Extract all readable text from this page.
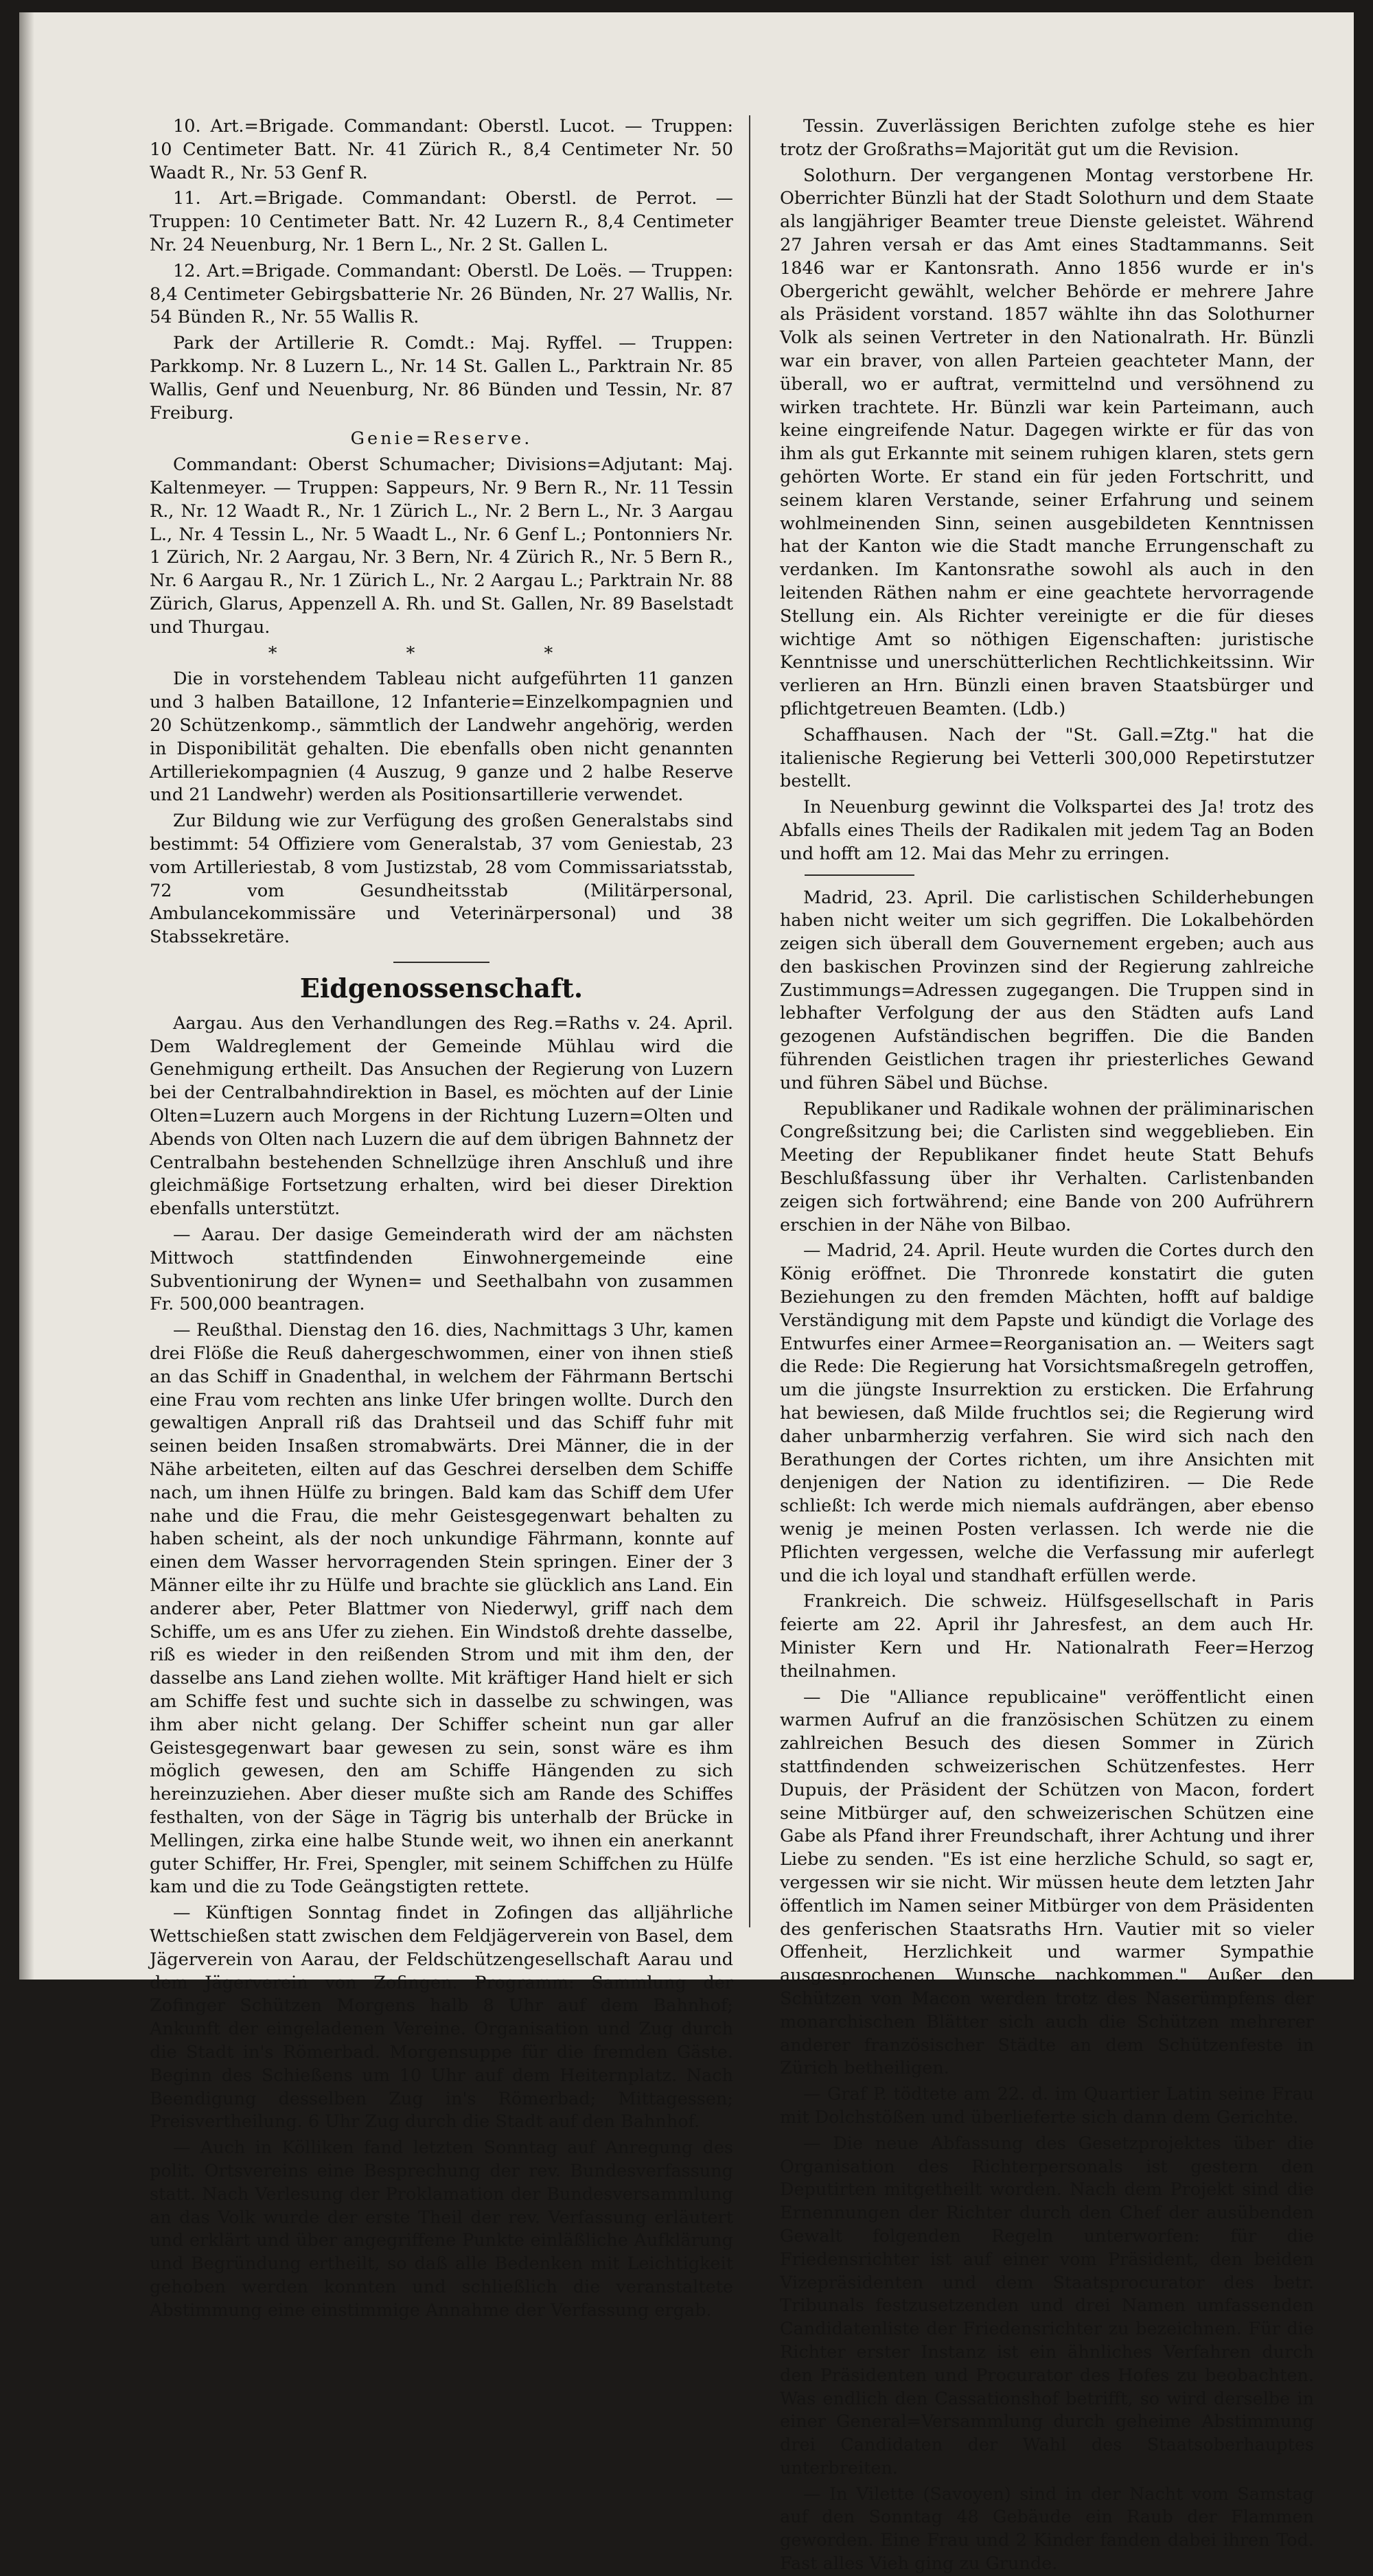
10. Art.=Brigade. Commandant: Oberstl. Lucot. — Truppen: 10 Centimeter Batt. Nr. 41 Zürich R., 8,4 Centimeter Nr. 50 Waadt R., Nr. 53 Genf R.

11. Art.=Brigade. Commandant: Oberstl. de Perrot. — Truppen: 10 Centimeter Batt. Nr. 42 Luzern R., 8,4 Centimeter Nr. 24 Neuenburg, Nr. 1 Bern L., Nr. 2 St. Gallen L.

12. Art.=Brigade. Commandant: Oberstl. De Loës. — Truppen: 8,4 Centimeter Gebirgsbatterie Nr. 26 Bünden, Nr. 27 Wallis, Nr. 54 Bünden R., Nr. 55 Wallis R.

Park der Artillerie R. Comdt.: Maj. Ryffel. — Truppen: Parkkomp. Nr. 8 Luzern L., Nr. 14 St. Gallen L., Parktrain Nr. 85 Wallis, Genf und Neuenburg, Nr. 86 Bünden und Tessin, Nr. 87 Freiburg.

Genie=Reserve.

Commandant: Oberst Schumacher; Divisions=Adjutant: Maj. Kaltenmeyer. — Truppen: Sappeurs, Nr. 9 Bern R., Nr. 11 Tessin R., Nr. 12 Waadt R., Nr. 1 Zürich L., Nr. 2 Bern L., Nr. 3 Aargau L., Nr. 4 Tessin L., Nr. 5 Waadt L., Nr. 6 Genf L.; Pontonniers Nr. 1 Zürich, Nr. 2 Aargau, Nr. 3 Bern, Nr. 4 Zürich R., Nr. 5 Bern R., Nr. 6 Aargau R., Nr. 1 Zürich L., Nr. 2 Aargau L.; Parktrain Nr. 88 Zürich, Glarus, Appenzell A. Rh. und St. Gallen, Nr. 89 Baselstadt und Thurgau.

* * *

Die in vorstehendem Tableau nicht aufgeführten 11 ganzen und 3 halben Bataillone, 12 Infanterie=Einzelkompagnien und 20 Schützenkomp., sämmtlich der Landwehr angehörig, werden in Disponibilität gehalten. Die ebenfalls oben nicht genannten Artilleriekompagnien (4 Auszug, 9 ganze und 2 halbe Reserve und 21 Landwehr) werden als Positionsartillerie verwendet.

Zur Bildung wie zur Verfügung des großen Generalstabs sind bestimmt: 54 Offiziere vom Generalstab, 37 vom Geniestab, 23 vom Artilleriestab, 8 vom Justizstab, 28 vom Commissariatsstab, 72 vom Gesundheitsstab (Militärpersonal, Ambulancekommissäre und Veterinärpersonal) und 38 Stabssekretäre.

Eidgenossenschaft.

Aargau. Aus den Verhandlungen des Reg.=Raths v. 24. April. Dem Waldreglement der Gemeinde Mühlau wird die Genehmigung ertheilt. Das Ansuchen der Regierung von Luzern bei der Centralbahndirektion in Basel, es möchten auf der Linie Olten=Luzern auch Morgens in der Richtung Luzern=Olten und Abends von Olten nach Luzern die auf dem übrigen Bahnnetz der Centralbahn bestehenden Schnellzüge ihren Anschluß und ihre gleichmäßige Fortsetzung erhalten, wird bei dieser Direktion ebenfalls unterstützt.

— Aarau. Der dasige Gemeinderath wird der am nächsten Mittwoch stattfindenden Einwohnergemeinde eine Subventionirung der Wynen= und Seethalbahn von zusammen Fr. 500,000 beantragen.

— Reußthal. Dienstag den 16. dies, Nachmittags 3 Uhr, kamen drei Flöße die Reuß dahergeschwommen, einer von ihnen stieß an das Schiff in Gnadenthal, in welchem der Fährmann Bertschi eine Frau vom rechten ans linke Ufer bringen wollte. Durch den gewaltigen Anprall riß das Drahtseil und das Schiff fuhr mit seinen beiden Insaßen stromabwärts. Drei Männer, die in der Nähe arbeiteten, eilten auf das Geschrei derselben dem Schiffe nach, um ihnen Hülfe zu bringen. Bald kam das Schiff dem Ufer nahe und die Frau, die mehr Geistesgegenwart behalten zu haben scheint, als der noch unkundige Fährmann, konnte auf einen dem Wasser hervorragenden Stein springen. Einer der 3 Männer eilte ihr zu Hülfe und brachte sie glücklich ans Land. Ein anderer aber, Peter Blattmer von Niederwyl, griff nach dem Schiffe, um es ans Ufer zu ziehen. Ein Windstoß drehte dasselbe, riß es wieder in den reißenden Strom und mit ihm den, der dasselbe ans Land ziehen wollte. Mit kräftiger Hand hielt er sich am Schiffe fest und suchte sich in dasselbe zu schwingen, was ihm aber nicht gelang. Der Schiffer scheint nun gar aller Geistesgegenwart baar gewesen zu sein, sonst wäre es ihm möglich gewesen, den am Schiffe Hängenden zu sich hereinzuziehen. Aber dieser mußte sich am Rande des Schiffes festhalten, von der Säge in Tägrig bis unterhalb der Brücke in Mellingen, zirka eine halbe Stunde weit, wo ihnen ein anerkannt guter Schiffer, Hr. Frei, Spengler, mit seinem Schiffchen zu Hülfe kam und die zu Tode Geängstigten rettete.

— Künftigen Sonntag findet in Zofingen das alljährliche Wettschießen statt zwischen dem Feldjägerverein von Basel, dem Jägerverein von Aarau, der Feldschützengesellschaft Aarau und dem Jägerverein von Zofingen. Programm: Sammlung der Zofinger Schützen Morgens halb 8 Uhr auf dem Bahnhof; Ankunft der eingeladenen Vereine. Organisation und Zug durch die Stadt in's Römerbad. Morgensuppe für die fremden Gäste. Beginn des Schießens um 10 Uhr auf dem Heiternplatz. Nach Beendigung desselben Zug in's Römerbad; Mittagessen; Preisvertheilung. 6 Uhr Zug durch die Stadt auf den Bahnhof.

— Auch in Kölliken fand letzten Sonntag auf Anregung des polit. Ortsvereins eine Besprechung der rev. Bundesverfassung statt. Nach Verlesung der Proklamation der Bundesversammlung an das Volk wurde der erste Theil der rev. Verfassung erläutert und erklärt und über angegriffene Punkte einläßliche Aufklärung und Begründung ertheilt, so daß alle Bedenken mit Leichtigkeit gehoben werden konnten und schließlich die veranstaltete Abstimmung eine einstimmige Annahme der Verfassung ergab.

Tessin. Zuverlässigen Berichten zufolge stehe es hier trotz der Großraths=Majorität gut um die Revision.

Solothurn. Der vergangenen Montag verstorbene Hr. Oberrichter Bünzli hat der Stadt Solothurn und dem Staate als langjähriger Beamter treue Dienste geleistet. Während 27 Jahren versah er das Amt eines Stadtammanns. Seit 1846 war er Kantonsrath. Anno 1856 wurde er in's Obergericht gewählt, welcher Behörde er mehrere Jahre als Präsident vorstand. 1857 wählte ihn das Solothurner Volk als seinen Vertreter in den Nationalrath. Hr. Bünzli war ein braver, von allen Parteien geachteter Mann, der überall, wo er auftrat, vermittelnd und versöhnend zu wirken trachtete. Hr. Bünzli war kein Parteimann, auch keine eingreifende Natur. Dagegen wirkte er für das von ihm als gut Erkannte mit seinem ruhigen klaren, stets gern gehörten Worte. Er stand ein für jeden Fortschritt, und seinem klaren Verstande, seiner Erfahrung und seinem wohlmeinenden Sinn, seinen ausgebildeten Kenntnissen hat der Kanton wie die Stadt manche Errungenschaft zu verdanken. Im Kantonsrathe sowohl als auch in den leitenden Räthen nahm er eine geachtete hervorragende Stellung ein. Als Richter vereinigte er die für dieses wichtige Amt so nöthigen Eigenschaften: juristische Kenntnisse und unerschütterlichen Rechtlichkeitssinn. Wir verlieren an Hrn. Bünzli einen braven Staatsbürger und pflichtgetreuen Beamten. (Ldb.)

Schaffhausen. Nach der "St. Gall.=Ztg." hat die italienische Regierung bei Vetterli 300,000 Repetirstutzer bestellt.

In Neuenburg gewinnt die Volkspartei des Ja! trotz des Abfalls eines Theils der Radikalen mit jedem Tag an Boden und hofft am 12. Mai das Mehr zu erringen.

Madrid, 23. April. Die carlistischen Schilderhebungen haben nicht weiter um sich gegriffen. Die Lokalbehörden zeigen sich überall dem Gouvernement ergeben; auch aus den baskischen Provinzen sind der Regierung zahlreiche Zustimmungs=Adressen zugegangen. Die Truppen sind in lebhafter Verfolgung der aus den Städten aufs Land gezogenen Aufständischen begriffen. Die die Banden führenden Geistlichen tragen ihr priesterliches Gewand und führen Säbel und Büchse.

Republikaner und Radikale wohnen der präliminarischen Congreßsitzung bei; die Carlisten sind weggeblieben. Ein Meeting der Republikaner findet heute Statt Behufs Beschlußfassung über ihr Verhalten. Carlistenbanden zeigen sich fortwährend; eine Bande von 200 Aufrührern erschien in der Nähe von Bilbao.

— Madrid, 24. April. Heute wurden die Cortes durch den König eröffnet. Die Thronrede konstatirt die guten Beziehungen zu den fremden Mächten, hofft auf baldige Verständigung mit dem Papste und kündigt die Vorlage des Entwurfes einer Armee=Reorganisation an. — Weiters sagt die Rede: Die Regierung hat Vorsichtsmaßregeln getroffen, um die jüngste Insurrektion zu ersticken. Die Erfahrung hat bewiesen, daß Milde fruchtlos sei; die Regierung wird daher unbarmherzig verfahren. Sie wird sich nach den Berathungen der Cortes richten, um ihre Ansichten mit denjenigen der Nation zu identifiziren. — Die Rede schließt: Ich werde mich niemals aufdrängen, aber ebenso wenig je meinen Posten verlassen. Ich werde nie die Pflichten vergessen, welche die Verfassung mir auferlegt und die ich loyal und standhaft erfüllen werde.

Frankreich. Die schweiz. Hülfsgesellschaft in Paris feierte am 22. April ihr Jahresfest, an dem auch Hr. Minister Kern und Hr. Nationalrath Feer=Herzog theilnahmen.

— Die "Alliance republicaine" veröffentlicht einen warmen Aufruf an die französischen Schützen zu einem zahlreichen Besuch des diesen Sommer in Zürich stattfindenden schweizerischen Schützenfestes. Herr Dupuis, der Präsident der Schützen von Macon, fordert seine Mitbürger auf, den schweizerischen Schützen eine Gabe als Pfand ihrer Freundschaft, ihrer Achtung und ihrer Liebe zu senden. "Es ist eine herzliche Schuld, so sagt er, vergessen wir sie nicht. Wir müssen heute dem letzten Jahr öffentlich im Namen seiner Mitbürger von dem Präsidenten des genferischen Staatsraths Hrn. Vautier mit so vieler Offenheit, Herzlichkeit und warmer Sympathie ausgesprochenen Wunsche nachkommen." Außer den Schützen von Macon werden trotz des Naserümpfens der monarchischen Blätter sich auch die Schützen mehrerer anderer französischer Städte an dem Schützenfeste in Zürich betheiligen.

— Graf P. tödtete am 22. d. im Quartier Latin seine Frau mit Dolchstößen und überlieferte sich dann dem Gerichte.

— Die neue Abfassung des Gesetzprojektes über die Organisation des Richterpersonals ist gestern den Deputirten mitgetheilt worden. Nach dem Projekt sind die Ernennungen der Richter durch den Chef der ausübenden Gewalt folgenden Regeln unterworfen: für die Friedensrichter ist auf einer vom Präsident, den beiden Vizepräsidenten und dem Staatsprocurator des betr. Tribunals festzusetzenden und drei Namen umfassenden Candidatenliste der Friedensrichter zu bezeichnen. Für die Richter erster Instanz ist ein ähnliches Verfahren durch den Präsidenten und Procurator des Hofes zu beobachten. Was endlich den Cassationshof betrifft, so wird derselbe in einer General=Versammlung durch geheime Abstimmung drei Candidaten der Wahl des Staatsoberhauptes unterbreiten.

— In Vilette (Savoyen) sind in der Nacht vom Samstag auf den Sonntag 48 Gebäude ein Raub der Flammen geworden. Eine Frau und 2 Kinder fanden dabei ihren Tod. Fast alles Vieh ging zu Grunde.
